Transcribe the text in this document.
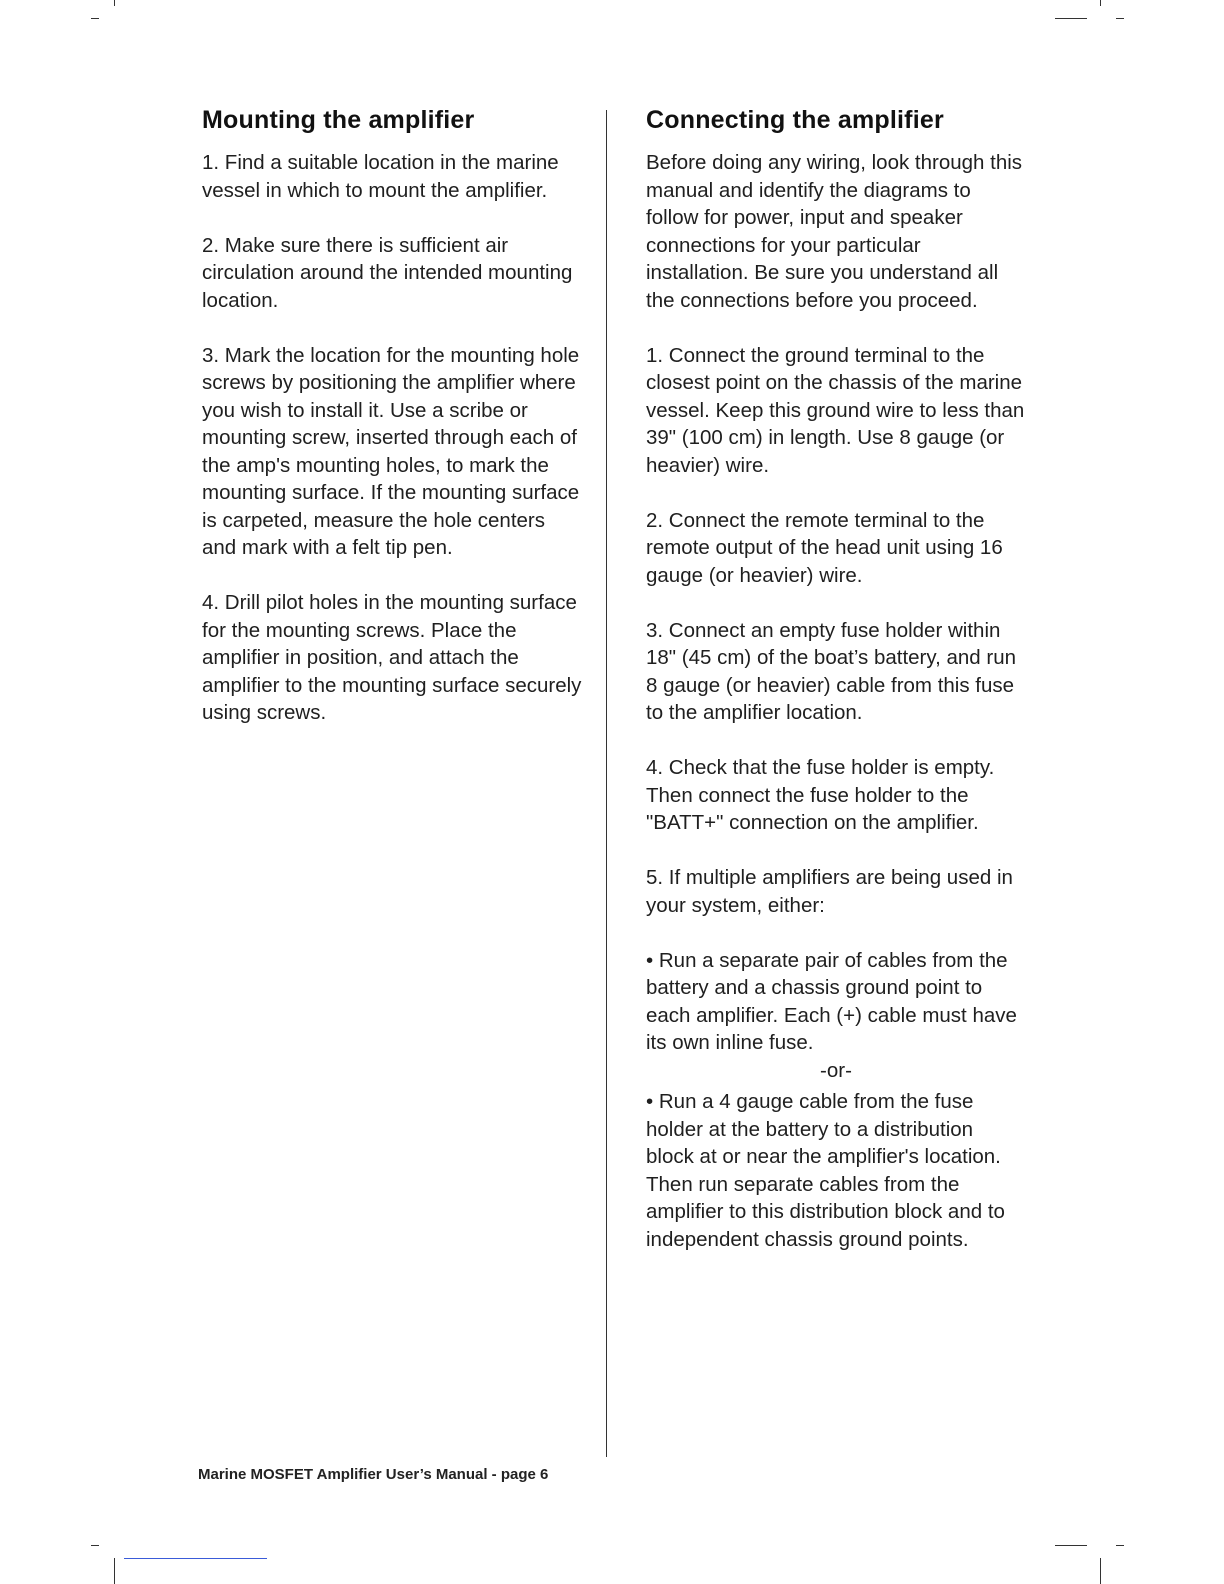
Mounting the amplifier

1. Find a suitable location in the marine vessel in which to mount the amplifier.

2. Make sure there is sufficient air circulation around the intended mounting location.

3. Mark the location for the mounting hole screws by positioning the amplifier where you wish to install it. Use a scribe or mounting screw, inserted through each of the amp's mounting holes, to mark the mounting surface. If the mounting surface is carpeted, measure the hole centers and mark with a felt tip pen.

4. Drill pilot holes in the mounting surface for the mounting screws. Place the amplifier in position, and attach the amplifier to the mounting surface securely using screws.

Connecting the amplifier

Before doing any wiring, look through this manual and identify the diagrams to follow for power, input and speaker connections for your particular installation. Be sure you understand all the connections before you proceed.

1. Connect the ground terminal to the closest point on the chassis of the marine vessel. Keep this ground wire to less than 39" (100 cm) in length. Use 8 gauge (or heavier) wire.

2. Connect the remote terminal to the remote output of the head unit using 16 gauge (or heavier) wire.

3. Connect an empty fuse holder within 18" (45 cm) of the boat’s battery, and run 8 gauge (or heavier) cable from this fuse to the amplifier location.

4. Check that the fuse holder is empty. Then connect the fuse holder to the "BATT+" connection on the amplifier.

5. If multiple amplifiers are being used in your system, either:

• Run a separate pair of cables from the battery and a chassis ground point to each amplifier. Each (+) cable must have its own inline fuse.

-or-

• Run a 4 gauge cable from the fuse holder at the battery to a distribution block at or near the amplifier's location. Then run separate cables from the amplifier to this distribution block and to independent chassis ground points.

Marine MOSFET Amplifier User’s Manual - page 6
